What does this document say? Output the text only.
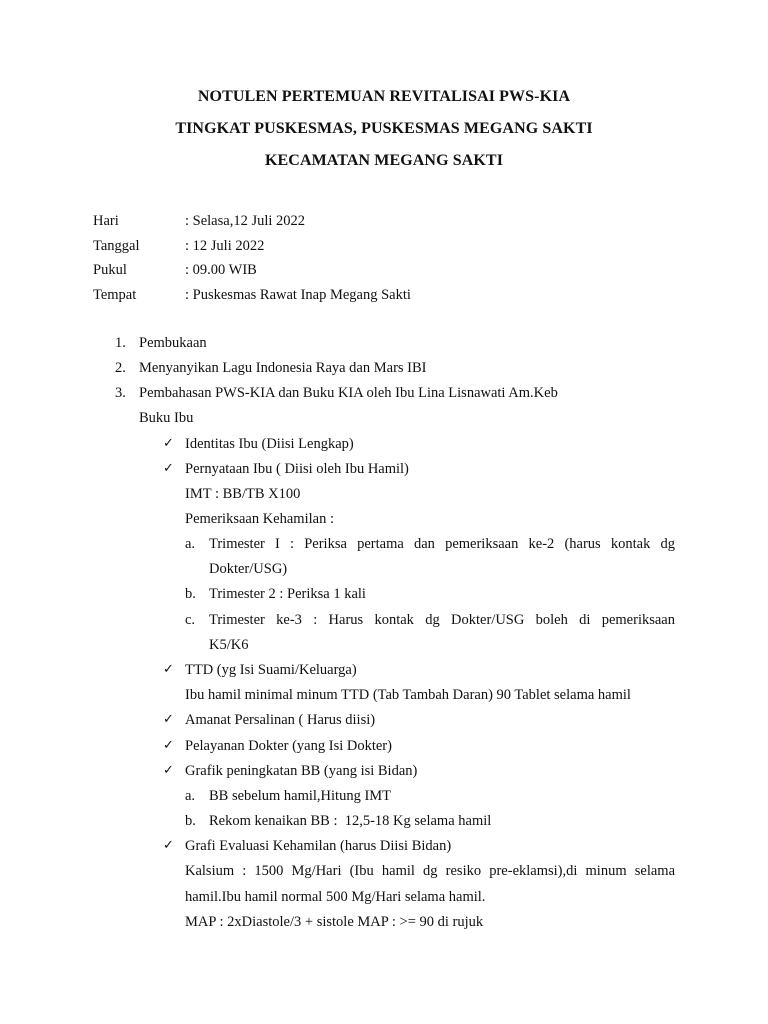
NOTULEN PERTEMUAN REVITALISAI PWS-KIA
TINGKAT PUSKESMAS, PUSKESMAS MEGANG SAKTI
KECAMATAN MEGANG SAKTI
Hari	: Selasa,12 Juli 2022
Tanggal	: 12 Juli 2022
Pukul	: 09.00 WIB
Tempat	: Puskesmas Rawat Inap Megang Sakti
1. Pembukaan
2. Menyanyikan Lagu Indonesia Raya dan Mars IBI
3. Pembahasan PWS-KIA dan Buku KIA oleh Ibu Lina Lisnawati Am.Keb
Buku Ibu
✓ Identitas Ibu (Diisi Lengkap)
✓ Pernyataan Ibu ( Diisi oleh Ibu Hamil)
IMT : BB/TB X100
Pemeriksaan Kehamilan :
a. Trimester I : Periksa pertama dan pemeriksaan ke-2 (harus kontak dg
Dokter/USG)
b. Trimester 2 : Periksa 1 kali
c. Trimester ke-3 : Harus kontak dg Dokter/USG boleh di pemeriksaan
K5/K6
✓ TTD (yg Isi Suami/Keluarga)
Ibu hamil minimal minum TTD (Tab Tambah Daran) 90 Tablet selama hamil
✓ Amanat Persalinan ( Harus diisi)
✓ Pelayanan Dokter (yang Isi Dokter)
✓ Grafik peningkatan BB (yang isi Bidan)
a. BB sebelum hamil,Hitung IMT
b. Rekom kenaikan BB :  12,5-18 Kg selama hamil
✓ Grafi Evaluasi Kehamilan (harus Diisi Bidan)
Kalsium : 1500 Mg/Hari (Ibu hamil dg resiko pre-eklamsi),di minum selama
hamil.Ibu hamil normal 500 Mg/Hari selama hamil.
MAP : 2xDiastole/3 + sistole MAP : >= 90 di rujuk
